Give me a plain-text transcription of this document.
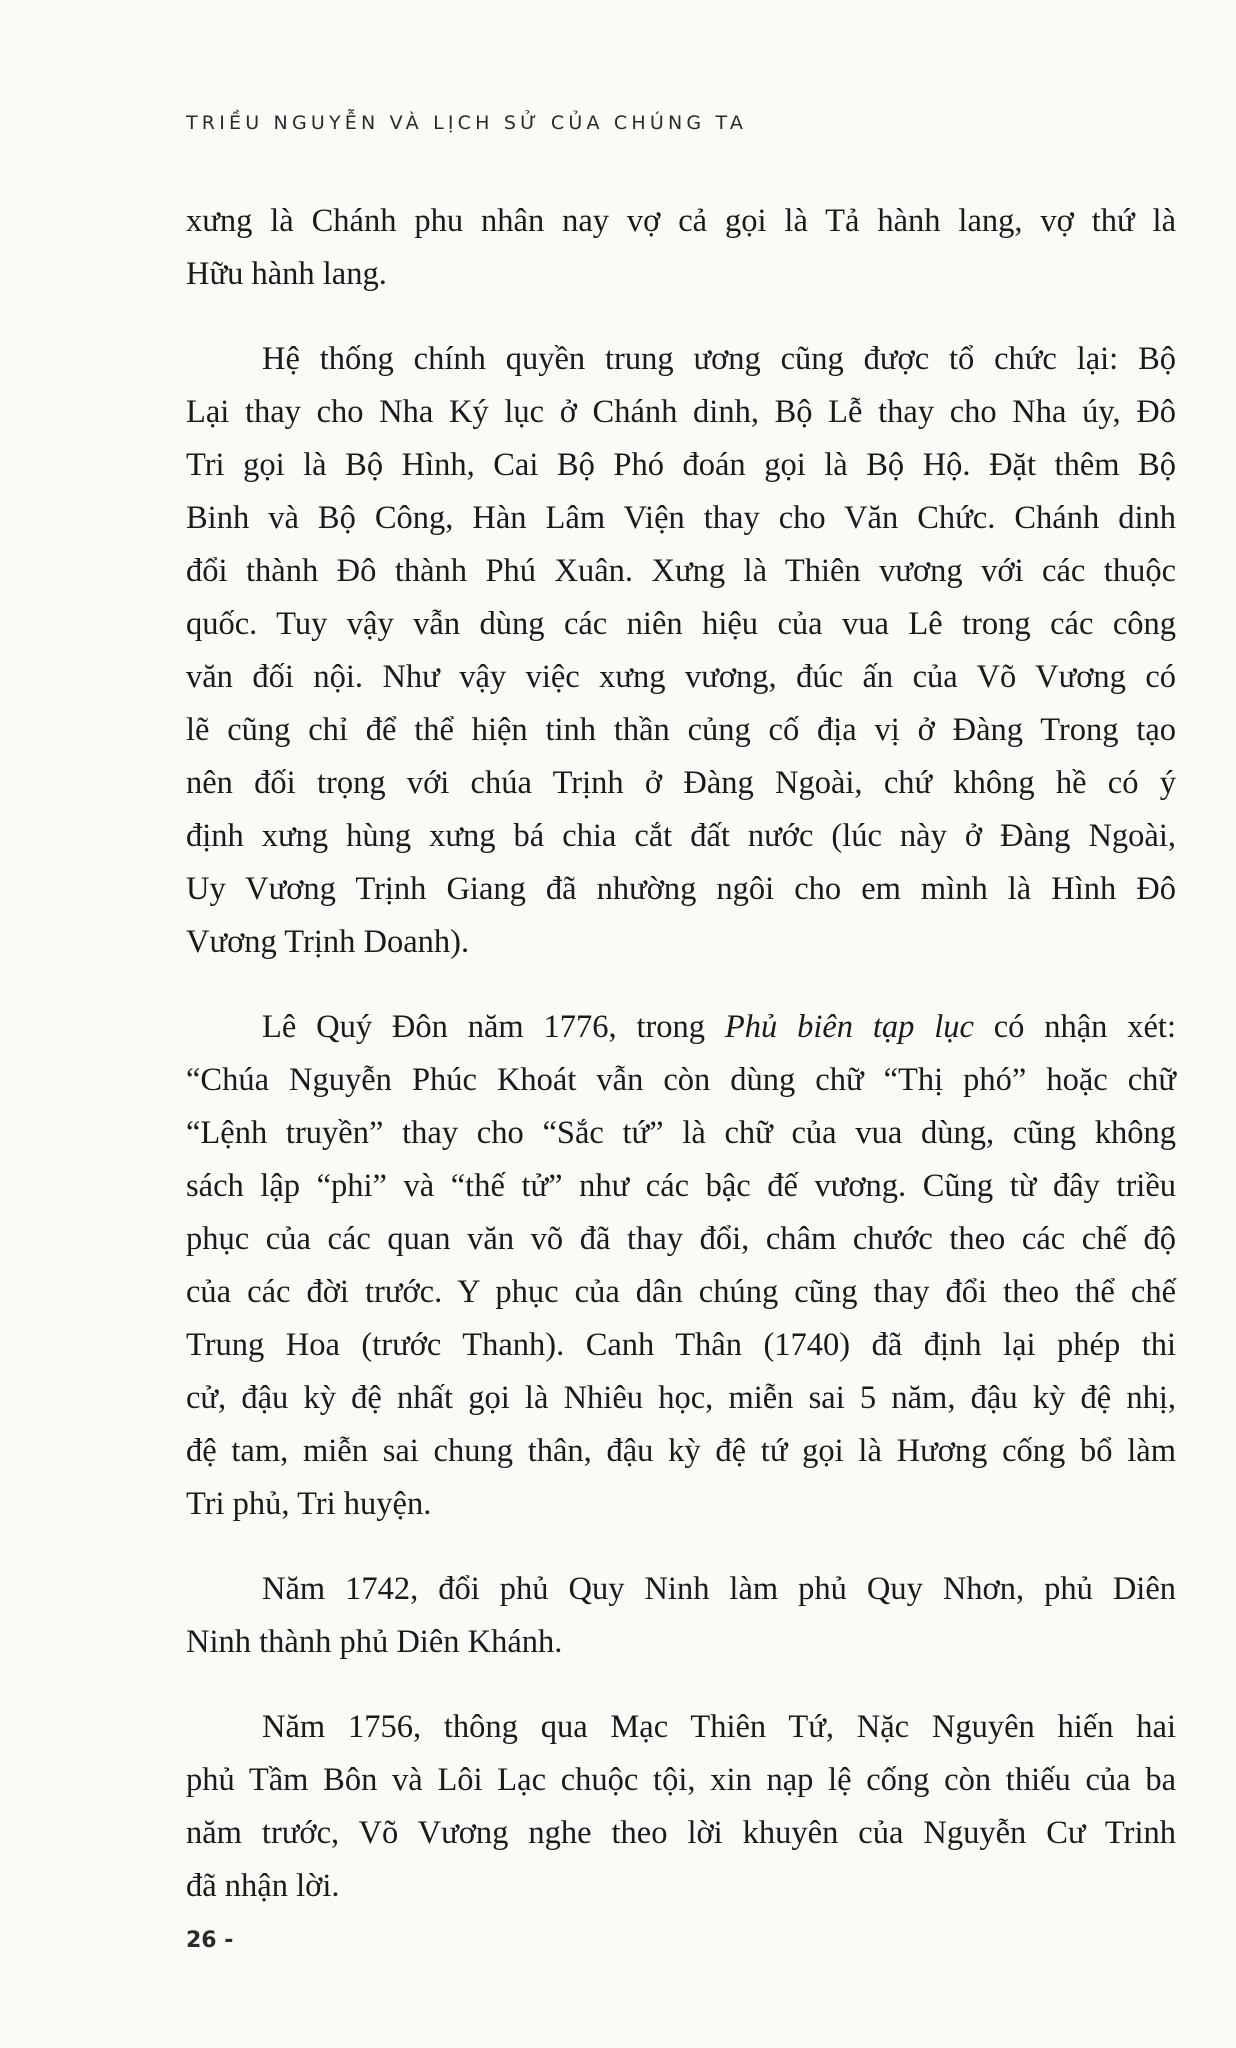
TRIỀU NGUYỄN VÀ LỊCH SỬ CỦA CHÚNG TA

xưng là Chánh phu nhân nay vợ cả gọi là Tả hành lang, vợ thứ là
Hữu hành lang.

Hệ thống chính quyền trung ương cũng được tổ chức lại: Bộ
Lại thay cho Nha Ký lục ở Chánh dinh, Bộ Lễ thay cho Nha úy, Đô
Tri gọi là Bộ Hình, Cai Bộ Phó đoán gọi là Bộ Hộ. Đặt thêm Bộ
Binh và Bộ Công, Hàn Lâm Viện thay cho Văn Chức. Chánh dinh
đổi thành Đô thành Phú Xuân. Xưng là Thiên vương với các thuộc
quốc. Tuy vậy vẫn dùng các niên hiệu của vua Lê trong các công
văn đối nội. Như vậy việc xưng vương, đúc ấn của Võ Vương có
lẽ cũng chỉ để thể hiện tinh thần củng cố địa vị ở Đàng Trong tạo
nên đối trọng với chúa Trịnh ở Đàng Ngoài, chứ không hề có ý
định xưng hùng xưng bá chia cắt đất nước (lúc này ở Đàng Ngoài,
Uy Vương Trịnh Giang đã nhường ngôi cho em mình là Hình Đô
Vương Trịnh Doanh).

Lê Quý Đôn năm 1776, trong Phủ biên tạp lục có nhận xét:
“Chúa Nguyễn Phúc Khoát vẫn còn dùng chữ “Thị phó” hoặc chữ
“Lệnh truyền” thay cho “Sắc tứ” là chữ của vua dùng, cũng không
sách lập “phi” và “thế tử” như các bậc đế vương. Cũng từ đây triều
phục của các quan văn võ đã thay đổi, châm chước theo các chế độ
của các đời trước. Y phục của dân chúng cũng thay đổi theo thể chế
Trung Hoa (trước Thanh). Canh Thân (1740) đã định lại phép thi
cử, đậu kỳ đệ nhất gọi là Nhiêu học, miễn sai 5 năm, đậu kỳ đệ nhị,
đệ tam, miễn sai chung thân, đậu kỳ đệ tứ gọi là Hương cống bổ làm
Tri phủ, Tri huyện.

Năm 1742, đổi phủ Quy Ninh làm phủ Quy Nhơn, phủ Diên
Ninh thành phủ Diên Khánh.

Năm 1756, thông qua Mạc Thiên Tứ, Nặc Nguyên hiến hai
phủ Tầm Bôn và Lôi Lạc chuộc tội, xin nạp lệ cống còn thiếu của ba
năm trước, Võ Vương nghe theo lời khuyên của Nguyễn Cư Trinh
đã nhận lời.

26 -
